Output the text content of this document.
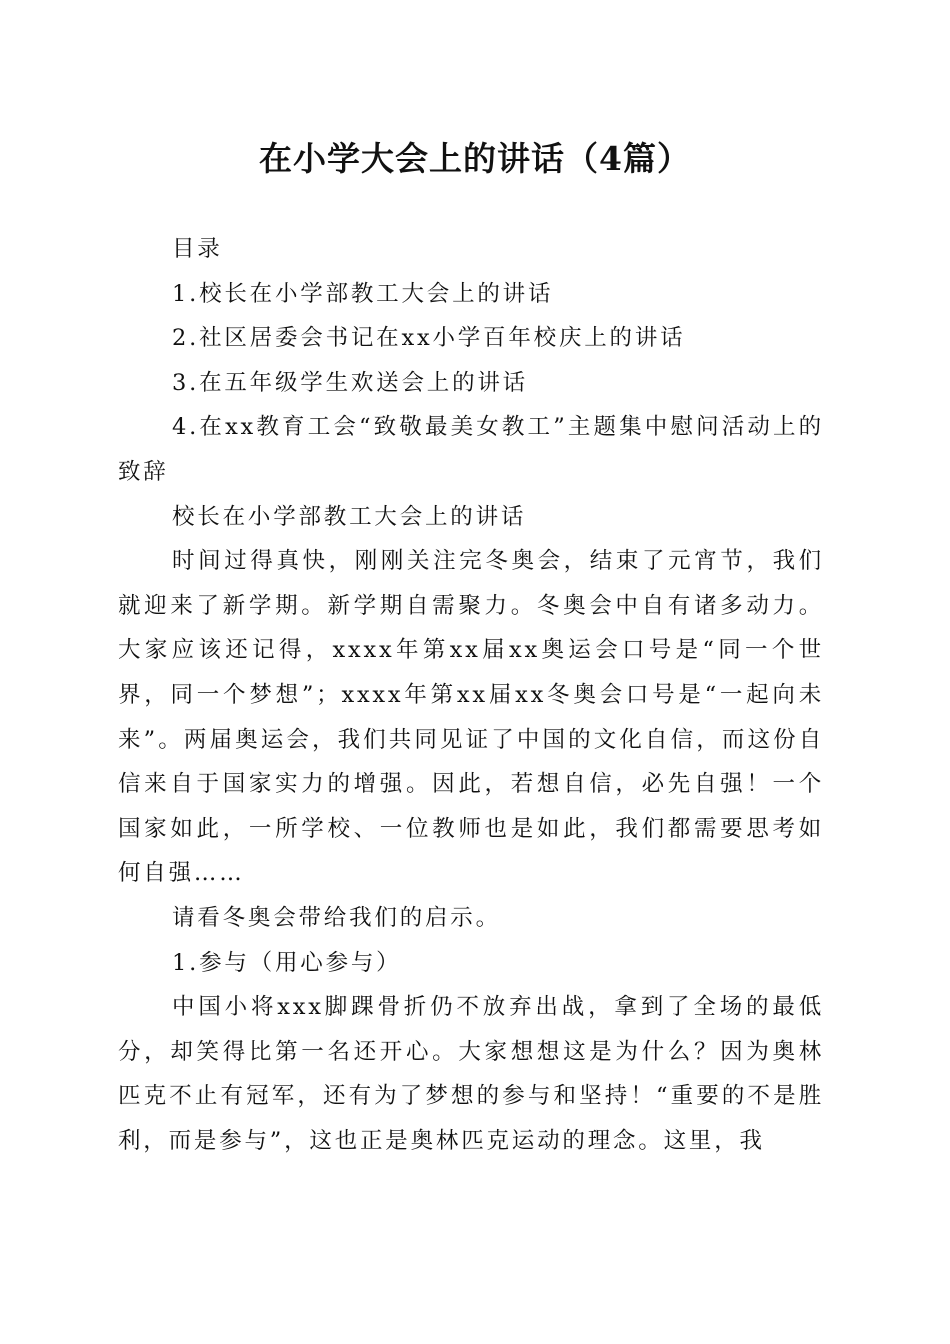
在小学大会上的讲话（4篇）

目录

1.校长在小学部教工大会上的讲话

2.社区居委会书记在xx小学百年校庆上的讲话

3.在五年级学生欢送会上的讲话

4.在xx教育工会“致敬最美女教工”主题集中慰问活动上的致辞

校长在小学部教工大会上的讲话

时间过得真快，刚刚关注完冬奥会，结束了元宵节，我们就迎来了新学期。新学期自需聚力。冬奥会中自有诸多动力。大家应该还记得，xxxx年第xx届xx奥运会口号是“同一个世界，同一个梦想”；xxxx年第xx届xx冬奥会口号是“一起向未来”。两届奥运会，我们共同见证了中国的文化自信，而这份自信来自于国家实力的增强。因此，若想自信，必先自强！一个国家如此，一所学校、一位教师也是如此，我们都需要思考如何自强……

请看冬奥会带给我们的启示。

1.参与（用心参与）

中国小将xxx脚踝骨折仍不放弃出战，拿到了全场的最低分，却笑得比第一名还开心。大家想想这是为什么？因为奥林匹克不止有冠军，还有为了梦想的参与和坚持！“重要的不是胜利，而是参与”，这也正是奥林匹克运动的理念。这里，我
